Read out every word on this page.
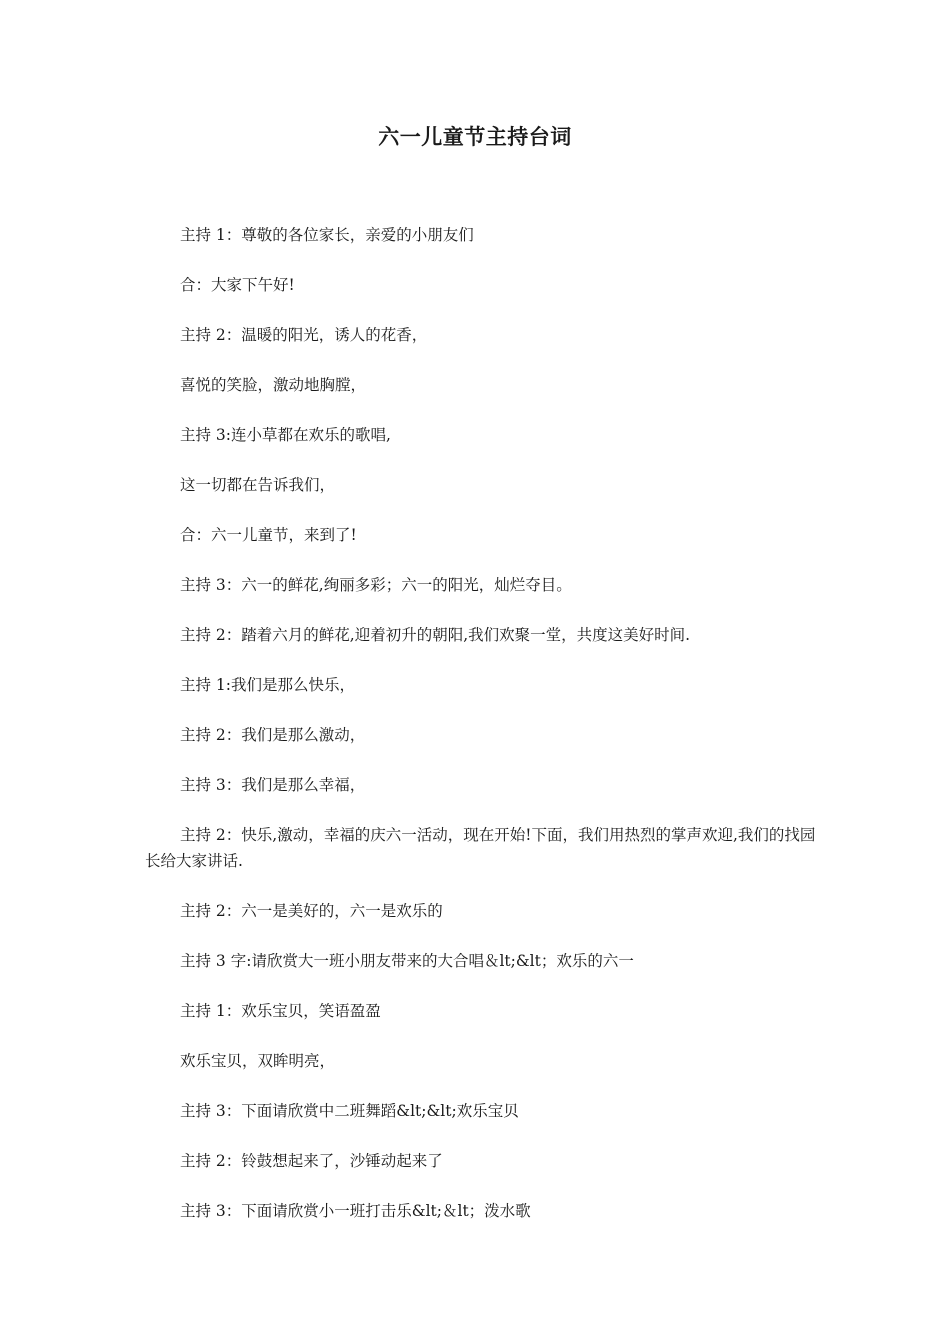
六一儿童节主持台词

主持 1：尊敬的各位家长，亲爱的小朋友们

合：大家下午好!

主持 2：温暖的阳光，诱人的花香，

喜悦的笑脸，激动地胸膛，

主持 3:连小草都在欢乐的歌唱,

这一切都在告诉我们，

合：六一儿童节，来到了!

主持 3：六一的鲜花,绚丽多彩；六一的阳光，灿烂夺目。

主持 2：踏着六月的鲜花,迎着初升的朝阳,我们欢聚一堂，共度这美好时间.

主持 1:我们是那么快乐，

主持 2：我们是那么激动，

主持 3：我们是那么幸福，

主持 2：快乐,激动，幸福的庆六一活动，现在开始!下面，我们用热烈的掌声欢迎,我们的找园长给大家讲话.

主持 2：六一是美好的，六一是欢乐的

主持 3 字:请欣赏大一班小朋友带来的大合唱＆lt;&lt；欢乐的六一

主持 1：欢乐宝贝，笑语盈盈

欢乐宝贝，双眸明亮，

主持 3：下面请欣赏中二班舞蹈&lt;&lt;欢乐宝贝

主持 2：铃鼓想起来了，沙锤动起来了

主持 3：下面请欣赏小一班打击乐&lt;＆lt；泼水歌
